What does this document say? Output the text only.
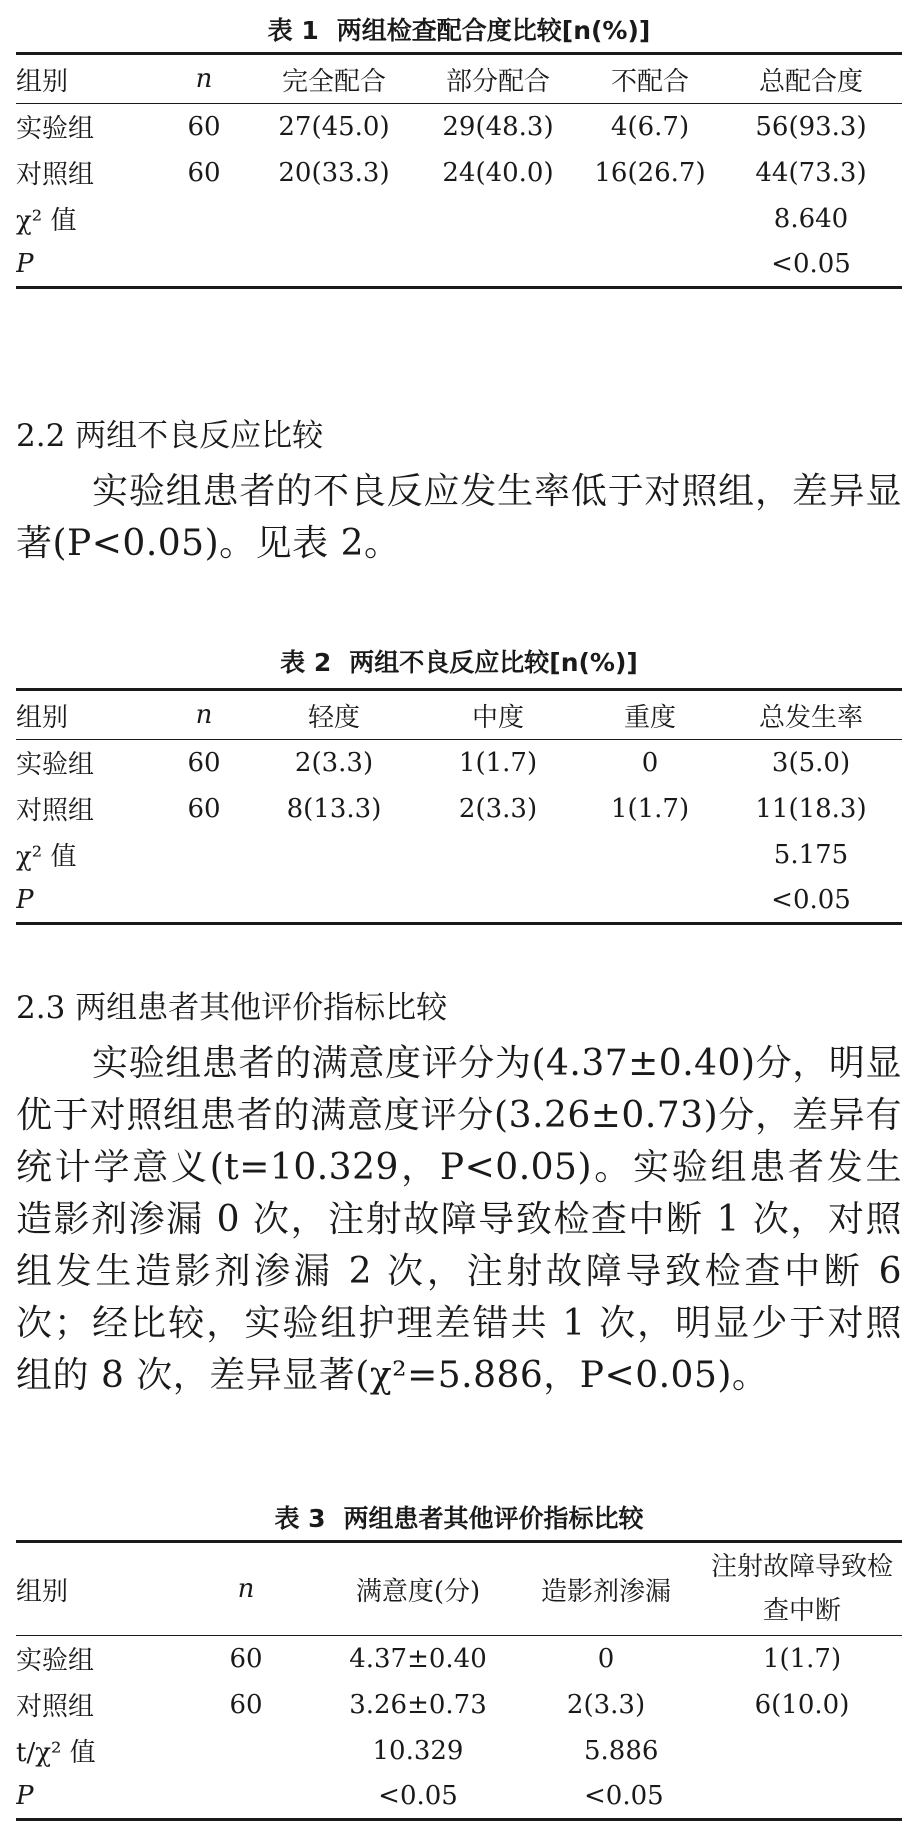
表 1 两组检查配合度比较[n(%)]
组别	n	完全配合	部分配合	不配合	总配合度
实验组	60	27(45.0)	29(48.3)	4(6.7)	56(93.3)
对照组	60	20(33.3)	24(40.0)	16(26.7)	44(73.3)
χ² 值					8.640
P					<0.05
2.2 两组不良反应比较

实验组患者的不良反应发生率低于对照组，差异显著(P<0.05)。见表 2。

表 2 两组不良反应比较[n(%)]
组别	n	轻度	中度	重度	总发生率
实验组	60	2(3.3)	1(1.7)	0	3(5.0)
对照组	60	8(13.3)	2(3.3)	1(1.7)	11(18.3)
χ² 值					5.175
P					<0.05
2.3 两组患者其他评价指标比较

实验组患者的满意度评分为(4.37±0.40)分，明显优于对照组患者的满意度评分(3.26±0.73)分，差异有统计学意义(t=10.329，P<0.05)。实验组患者发生造影剂渗漏 0 次，注射故障导致检查中断 1 次，对照组发生造影剂渗漏 2 次，注射故障导致检查中断 6 次；经比较，实验组护理差错共 1 次，明显少于对照组的 8 次，差异显著(χ²=5.886，P<0.05)。

表 3 两组患者其他评价指标比较
组别	n	满意度(分)	造影剂渗漏	注射故障导致检查中断
实验组	60	4.37±0.40	0	1(1.7)
对照组	60	3.26±0.73	2(3.3)	6(10.0)
t/χ² 值		10.329	5.886	
P		<0.05	<0.05	
